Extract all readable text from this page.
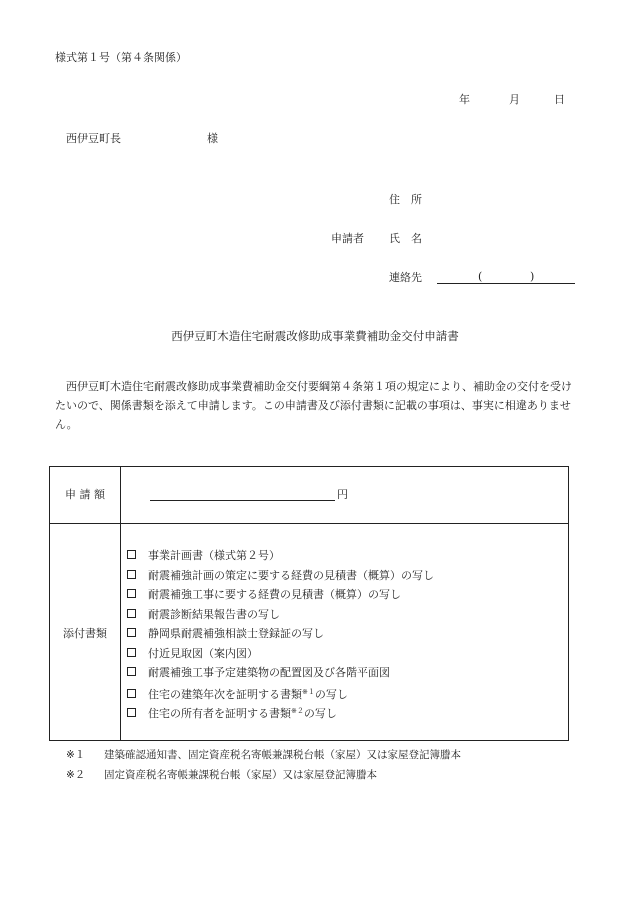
様式第１号（第４条関係）
年	月	日
西伊豆町長	様
住　所
申請者 氏　名
連絡先	(	)
西伊豆町木造住宅耐震改修助成事業費補助金交付申請書
西伊豆町木造住宅耐震改修助成事業費補助金交付要綱第４条第１項の規定により、補助金の交付を受けたいので、関係書類を添えて申請します。この申請書及び添付書類に記載の事項は、事実に相違ありません。
申 請 額	円
添付書類
事業計画書（様式第２号）
耐震補強計画の策定に要する経費の見積書（概算）の写し
耐震補強工事に要する経費の見積書（概算）の写し
耐震診断結果報告書の写し
静岡県耐震補強相談士登録証の写し
付近見取図（案内図）
耐震補強工事予定建築物の配置図及び各階平面図
住宅の建築年次を証明する書類$^{※1}$の写し
住宅の所有者を証明する書類$^{※2}$の写し
※１ 建築確認通知書、固定資産税名寄帳兼課税台帳（家屋）又は家屋登記簿謄本
※２ 固定資産税名寄帳兼課税台帳（家屋）又は家屋登記簿謄本
